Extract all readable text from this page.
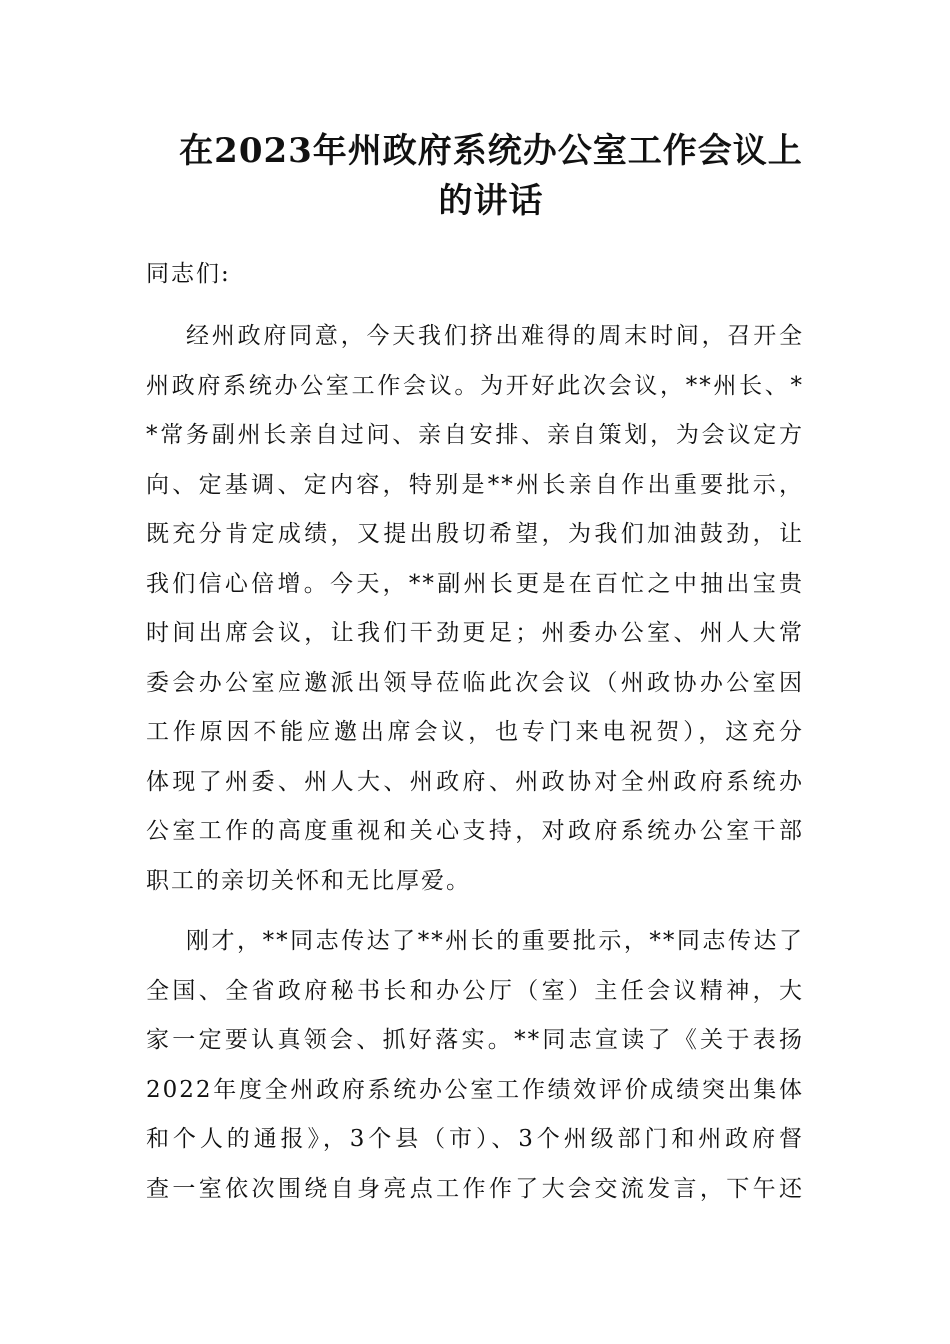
在2023年州政府系统办公室工作会议上
的讲话
同志们:
经州政府同意，今天我们挤出难得的周末时间，召开全
州政府系统办公室工作会议。为开好此次会议，**州长、*
*常务副州长亲自过问、亲自安排、亲自策划，为会议定方
向、定基调、定内容，特别是**州长亲自作出重要批示，
既充分肯定成绩，又提出殷切希望，为我们加油鼓劲，让
我们信心倍增。今天，**副州长更是在百忙之中抽出宝贵
时间出席会议，让我们干劲更足；州委办公室、州人大常
委会办公室应邀派出领导莅临此次会议（州政协办公室因
工作原因不能应邀出席会议，也专门来电祝贺），这充分
体现了州委、州人大、州政府、州政协对全州政府系统办
公室工作的高度重视和关心支持，对政府系统办公室干部
职工的亲切关怀和无比厚爱。
刚才，**同志传达了**州长的重要批示，**同志传达了
全国、全省政府秘书长和办公厅（室）主任会议精神，大
家一定要认真领会、抓好落实。**同志宣读了《关于表扬
2022年度全州政府系统办公室工作绩效评价成绩突出集体
和个人的通报》，3个县（市）、3个州级部门和州政府督
查一室依次围绕自身亮点工作作了大会交流发言，下午还
